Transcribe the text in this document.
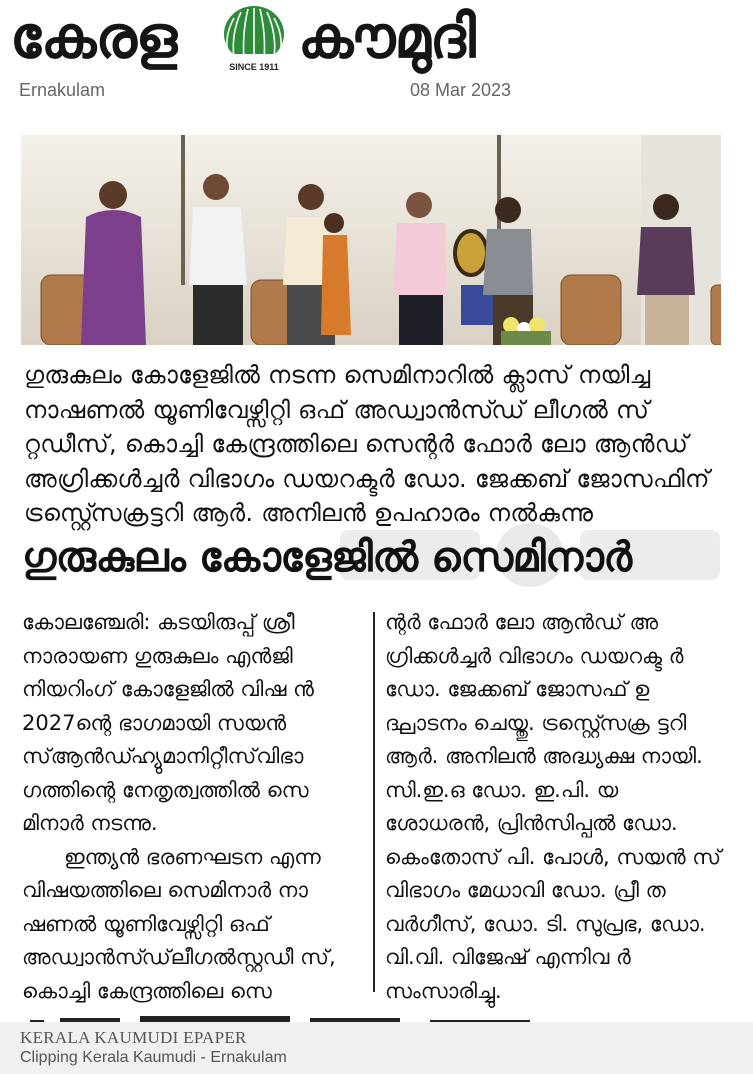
കേരള	SINCE 1911 കൗമുദി
Ernakulam	08 Mar 2023
ഗുരുകുലം കോളേജിൽ നടന്ന സെമിനാറിൽ ക്ലാസ് നയിച്ച
നാഷണൽ യൂണിവേഴ്സിറ്റി ഒഫ് അഡ്വാൻസ്ഡ് ലീഗൽ സ്
റ്റഡീസ്, കൊച്ചി കേന്ദ്രത്തിലെ സെന്റർ ഫോർ ലോ ആൻഡ്
അഗ്രിക്കൾച്ചർ വിഭാഗം ഡയറക്ടർ ഡോ. ജേക്കബ് ജോസഫിന്
ട്രസ്റ്റ്സെക്രട്ടറി ആർ. അനിലൻ ഉപഹാരം നൽകുന്നു
ഗുരുകുലം കോളേജിൽ സെമിനാർ

കോലഞ്ചേരി: കടയിരുപ്പ് ശ്രീ നാരായണ ഗുരുകുലം എൻജി നിയറിംഗ് കോളേജിൽ വിഷ ൻ 2027ന്റെ ഭാഗമായി സയൻ സ്ആൻഡ്ഹ്യുമാനിറ്റീസ്‌വിഭാ ഗത്തിന്റെ നേതൃത്വത്തിൽ സെ മിനാർ നടന്നു.

ഇന്ത്യൻ ഭരണഘടന എന്ന വിഷയത്തിലെ സെമിനാർ നാ ഷണൽ യൂണിവേഴ്സിറ്റി ഒഫ് അഡ്വാൻസ്ഡ്‌ലീഗൽസ്റ്റഡീ സ്, കൊച്ചി കേന്ദ്രത്തിലെ സെ

ന്റർ ഫോർ ലോ ആൻഡ് അ ഗ്രിക്കൾച്ചർ വിഭാഗം ഡയറക്ട ർ ഡോ. ജേക്കബ് ജോസഫ് ഉ ദ്ഘാടനം ചെയ്തു. ട്രസ്റ്റ്സെക്ര ട്ടറി ആർ. അനിലൻ അദ്ധ്യക്ഷ നായി. സി.ഇ.ഒ ഡോ. ഇ.പി. യ ശോധരൻ, പ്രിൻസിപ്പൽ ഡോ. കെംതോസ് പി. പോൾ, സയൻ സ് വിഭാഗം മേധാവി ഡോ. പ്രീ ത വർഗീസ്, ഡോ. ടി. സുപ്രഭ, ഡോ. വി.വി. വിജേഷ് എന്നിവ ർ സംസാരിച്ചു.

KERALA KAUMUDI EPAPER
Clipping Kerala Kaumudi - Ernakulam
